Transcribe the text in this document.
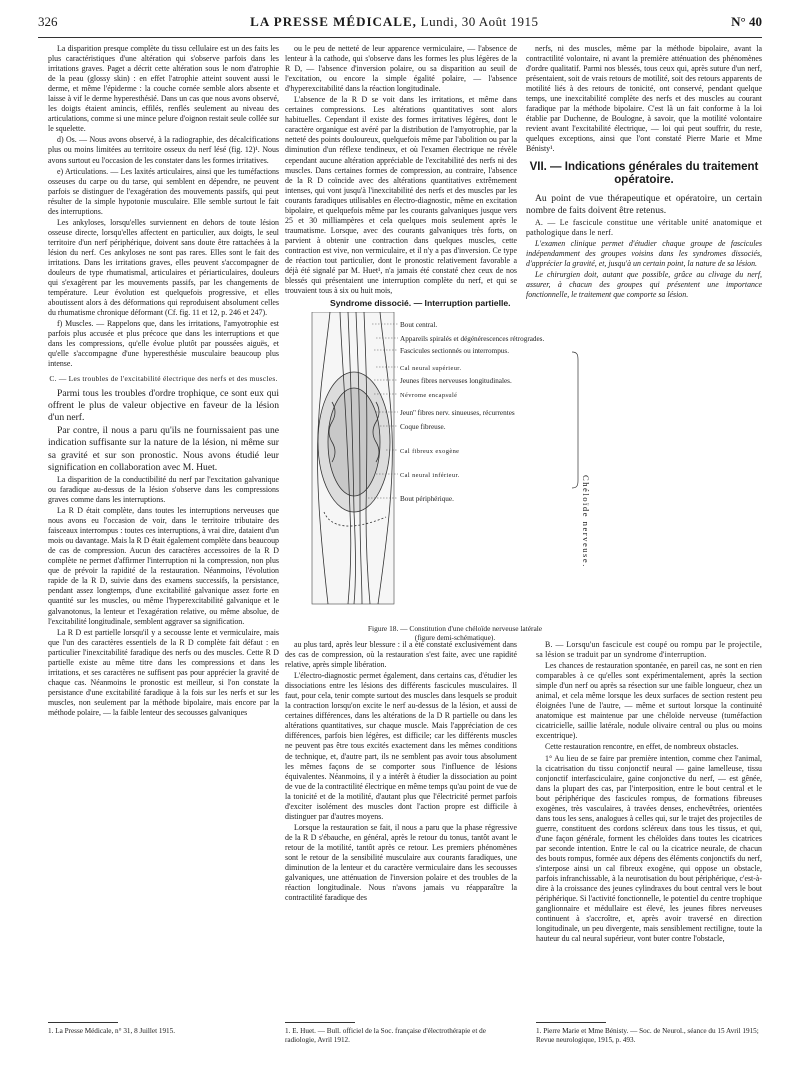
326	LA PRESSE MÉDICALE, Lundi, 30 Août 1915	N° 40

La disparition presque complète du tissu cellulaire est un des faits les plus caractéristiques d'une altération qui s'observe parfois dans les irritations graves. Paget a décrit cette altération sous le nom d'atrophie de la peau (glossy skin) : en effet l'atrophie atteint souvent aussi le derme, et même l'épiderme : la couche cornée semble alors absente et laisse à vif le derme hyperesthésié. Dans un cas que nous avons observé, les doigts étaient amincis, effilés, renflés seulement au niveau des articulations, comme si une mince pelure d'oignon restait seule collée sur le squelette.

d) Os. — Nous avons observé, à la radiographie, des décalcifications plus ou moins limitées au territoire osseux du nerf lésé (fig. 12)¹. Nous avons surtout eu l'occasion de les constater dans les formes irritatives.

e) Articulations. — Les laxités articulaires, ainsi que les tuméfactions osseuses du carpe ou du tarse, qui semblent en dépendre, ne peuvent parfois se distinguer de l'exagération des mouvements passifs, qui peut résulter de la simple hypotonie musculaire. Elle semble surtout le fait des interruptions.

Les ankyloses, lorsqu'elles surviennent en dehors de toute lésion osseuse directe, lorsqu'elles affectent en particulier, aux doigts, le seul territoire d'un nerf périphérique, doivent sans doute être rattachées à la lésion du nerf. Ces ankyloses ne sont pas rares. Elles sont le fait des irritations. Dans les irritations graves, elles peuvent s'accompagner de douleurs de type rhumatismal, articulaires et périarticulaires, douleurs qui s'exagèrent par les mouvements passifs, par les changements de température. Leur évolution est quelquefois progressive, et elles aboutissent alors à des déformations qui reproduisent absolument celles du rhumatisme chronique déformant (Cf. fig. 11 et 12, p. 246 et 247).

f) Muscles. — Rappelons que, dans les irritations, l'amyotrophie est parfois plus accusée et plus précoce que dans les interruptions et que dans les compressions, qu'elle évolue plutôt par poussées aiguës, et qu'elle s'accompagne d'une hyperesthésie musculaire beaucoup plus intense.

C. — Les troubles de l'excitabilité électrique des nerfs et des muscles.

Parmi tous les troubles d'ordre trophique, ce sont eux qui offrent le plus de valeur objective en faveur de la lésion d'un nerf.

Par contre, il nous a paru qu'ils ne fournissaient pas une indication suffisante sur la nature de la lésion, ni même sur sa gravité et sur son pronostic. Nous avons étudié leur signification en collaboration avec M. Huet.

La disparition de la conductibilité du nerf par l'excitation galvanique ou faradique au-dessus de la lésion s'observe dans les compressions graves comme dans les interruptions.

La R D était complète, dans toutes les interruptions nerveuses que nous avons eu l'occasion de voir, dans le territoire tributaire des faisceaux interrompus : toutes ces interruptions, à vrai dire, dataient d'un mois ou davantage. Mais la R D était également complète dans beaucoup de cas de compression. Aucun des caractères accessoires de la R D complète ne permet d'affirmer l'interruption ni la compression, non plus que de prévoir la rapidité de la restauration. Néanmoins, l'évolution rapide de la R D, suivie dans des examens successifs, la persistance, pendant assez longtemps, d'une excitabilité galvanique assez forte en quantité sur les muscles, ou même l'hyperexcitabilité galvanique et le galvanotonus, la lenteur et l'exagération relative, ou même absolue, de l'excitabilité longitudinale, semblent aggraver sa signification.

La R D est partielle lorsqu'il y a secousse lente et vermiculaire, mais que l'un des caractères essentiels de la R D complète fait défaut : en particulier l'inexcitabilité faradique des nerfs ou des muscles. Cette R D partielle existe au même titre dans les compressions et dans les irritations, et ses caractères ne suffisent pas pour apprécier la gravité de chaque cas. Néanmoins le pronostic est meilleur, si l'on constate la persistance d'une excitabilité faradique à la fois sur les nerfs et sur les muscles, non seulement par la méthode bipolaire, mais encore par la méthode polaire, — la faible lenteur des secousses galvaniques

ou le peu de netteté de leur apparence vermiculaire, — l'absence de lenteur à la cathode, qui s'observe dans les formes les plus légères de la R D, — l'absence d'inversion polaire, ou sa disparition au seuil de l'excitation, ou encore la simple égalité polaire, — l'absence d'hyperexcitabilité dans la réaction longitudinale.

L'absence de la R D se voit dans les irritations, et même dans certaines compressions. Les altérations quantitatives sont alors habituelles. Cependant il existe des formes irritatives légères, dont le caractère organique est avéré par la distribution de l'amyotrophie, par la netteté des points douloureux, quelquefois même par l'abolition ou par la diminution d'un réflexe tendineux, et où l'examen électrique ne révèle cependant aucune altération appréciable de l'excitabilité des nerfs ni des muscles. Dans certaines formes de compression, au contraire, l'absence de la R D coïncide avec des altérations quantitatives extrêmement intenses, qui vont jusqu'à l'inexcitabilité des nerfs et des muscles par les courants faradiques utilisables en électro-diagnostic, même en excitation bipolaire, et quelquefois même par les courants galvaniques jusque vers 25 et 30 milliampères et cela quelques mois seulement après le traumatisme. Lorsque, avec des courants galvaniques très forts, on parvient à obtenir une contraction dans quelques muscles, cette contraction est vive, non vermiculaire, et il n'y a pas d'inversion. Ce type de réaction tout particulier, dont le pronostic relativement favorable a déjà été signalé par M. Huet¹, n'a jamais été constaté chez ceux de nos blessés qui présentaient une interruption complète du nerf, et qui se trouvaient tous à six ou huit mois,

Syndrome dissocié. — Interruption partielle.
Bout central.
Appareils spiralés et dégénérescences rétrogrades.
Fascicules sectionnés ou interrompus.
Cal neural supérieur.
Jeunes fibres nerveuses longitudinales.
Névrome encapsulé
Jeun'' fibres nerv. sinueuses, récurrentes
Coque fibreuse.
Cal fibreux exogène
Cal neural inférieur.
Bout périphérique.
Figure 18. — Constitution d'une chéloïde nerveuse latérale
(figure demi-schématique).
Chéloïde nerveuse.

au plus tard, après leur blessure : il a été constaté exclusivement dans des cas de compression, où la restauration s'est faite, avec une rapidité relative, après simple libération.

L'électro-diagnostic permet également, dans certains cas, d'étudier les dissociations entre les lésions des différents fascicules musculaires. Il faut, pour cela, tenir compte surtout des muscles dans lesquels se produit la contraction lorsqu'on excite le nerf au-dessus de la lésion, et aussi de certaines différences, dans les altérations de la D R partielle ou dans les altérations quantitatives, sur chaque muscle. Mais l'appréciation de ces différences, parfois bien légères, est difficile; car les différents muscles ne peuvent pas être tous excités exactement dans les mêmes conditions de technique, et, d'autre part, ils ne semblent pas avoir tous absolument les mêmes façons de se comporter sous l'influence de lésions équivalentes. Néanmoins, il y a intérêt à étudier la dissociation au point de vue de la contractilité électrique en même temps qu'au point de vue de la tonicité et de la motilité, d'autant plus que l'électricité permet parfois d'exciter isolément des muscles dont l'action propre est difficile à distinguer par d'autres moyens.

Lorsque la restauration se fait, il nous a paru que la phase régressive de la R D s'ébauche, en général, après le retour du tonus, tantôt avant le retour de la motilité, tantôt après ce retour. Les premiers phénomènes sont le retour de la sensibilité musculaire aux courants faradiques, une diminution de la lenteur et du caractère vermiculaire dans les secousses galvaniques, une atténuation de l'inversion polaire et des troubles de la réaction longitudinale. Nous n'avons jamais vu réapparaître la contractilité faradique des

nerfs, ni des muscles, même par la méthode bipolaire, avant la contractilité volontaire, ni avant la première atténuation des phénomènes d'ordre qualitatif. Parmi nos blessés, tous ceux qui, après suture d'un nerf, présentaient, soit de vrais retours de motilité, soit des retours apparents de motilité liés à des retours de tonicité, ont conservé, pendant quelque temps, une inexcitabilité complète des nerfs et des muscles au courant faradique par la méthode bipolaire. C'est là un fait conforme à la loi établie par Duchenne, de Boulogne, à savoir, que la motilité volontaire revient avant l'excitabilité électrique, — loi qui peut souffrir, du reste, quelques exceptions, ainsi que l'ont constaté Pierre Marie et Mme Bénisty¹.

VII. — Indications générales du traitement opératoire.

Au point de vue thérapeutique et opératoire, un certain nombre de faits doivent être retenus.

A. — Le fascicule constitue une véritable unité anatomique et pathologique dans le nerf.

L'examen clinique permet d'étudier chaque groupe de fascicules indépendamment des groupes voisins dans les syndromes dissociés, d'apprécier la gravité, et, jusqu'à un certain point, la nature de sa lésion.

Le chirurgien doit, autant que possible, grâce au clivage du nerf, assurer, à chacun des groupes qui présentent une importance fonctionnelle, le traitement que comporte sa lésion.

B. — Lorsqu'un fascicule est coupé ou rompu par le projectile, sa lésion se traduit par un syndrome d'interruption.

Les chances de restauration spontanée, en pareil cas, ne sont en rien comparables à ce qu'elles sont expérimentalement, après la section simple d'un nerf ou après sa résection sur une faible longueur, chez un animal, et cela même lorsque les deux surfaces de section restent peu éloignées l'une de l'autre, — même et surtout lorsque la continuité anatomique est maintenue par une chéloïde nerveuse (tuméfaction cicatricielle, saillie latérale, nodule olivaire central ou plus ou moins excentrique).

Cette restauration rencontre, en effet, de nombreux obstacles.

1° Au lieu de se faire par première intention, comme chez l'animal, la cicatrisation du tissu conjonctif neural — gaine lamelleuse, tissu conjonctif interfasciculaire, gaine conjonctive du nerf, — est gênée, dans la plupart des cas, par l'interposition, entre le bout central et le bout périphérique des fascicules rompus, de formations fibreuses exogènes, très vasculaires, à travées denses, enchevêtrées, orientées dans tous les sens, analogues à celles qui, sur le trajet des projectiles de guerre, constituent des cordons scléreux dans tous les tissus, et qui, d'une façon générale, forment les chéloïdes dans toutes les cicatrices par seconde intention. Entre le cal ou la cicatrice neurale, de chacun des bouts rompus, formée aux dépens des éléments conjonctifs du nerf, s'interpose ainsi un cal fibreux exogène, qui oppose un obstacle, parfois infranchissable, à la neurotisation du bout périphérique, c'est-à-dire à la croissance des jeunes cylindraxes du bout central vers le bout périphérique. Si l'activité fonctionnelle, le potentiel du centre trophique ganglionnaire et médullaire est élevé, les jeunes fibres nerveuses continuent à s'accroître, et, après avoir traversé en direction longitudinale, un peu divergente, mais sensiblement rectiligne, toute la hauteur du cal neural supérieur, vont buter contre l'obstacle,

1. La Presse Médicale, n° 31, 8 Juillet 1915.	1. E. Huet. — Bull. officiel de la Soc. française d'électrothérapie et de radiologie, Avril 1912.
1. Pierre Marie et Mme Bénisty. — Soc. de Neurol., séance du 15 Avril 1915; Revue neurologique, 1915, p. 493.
